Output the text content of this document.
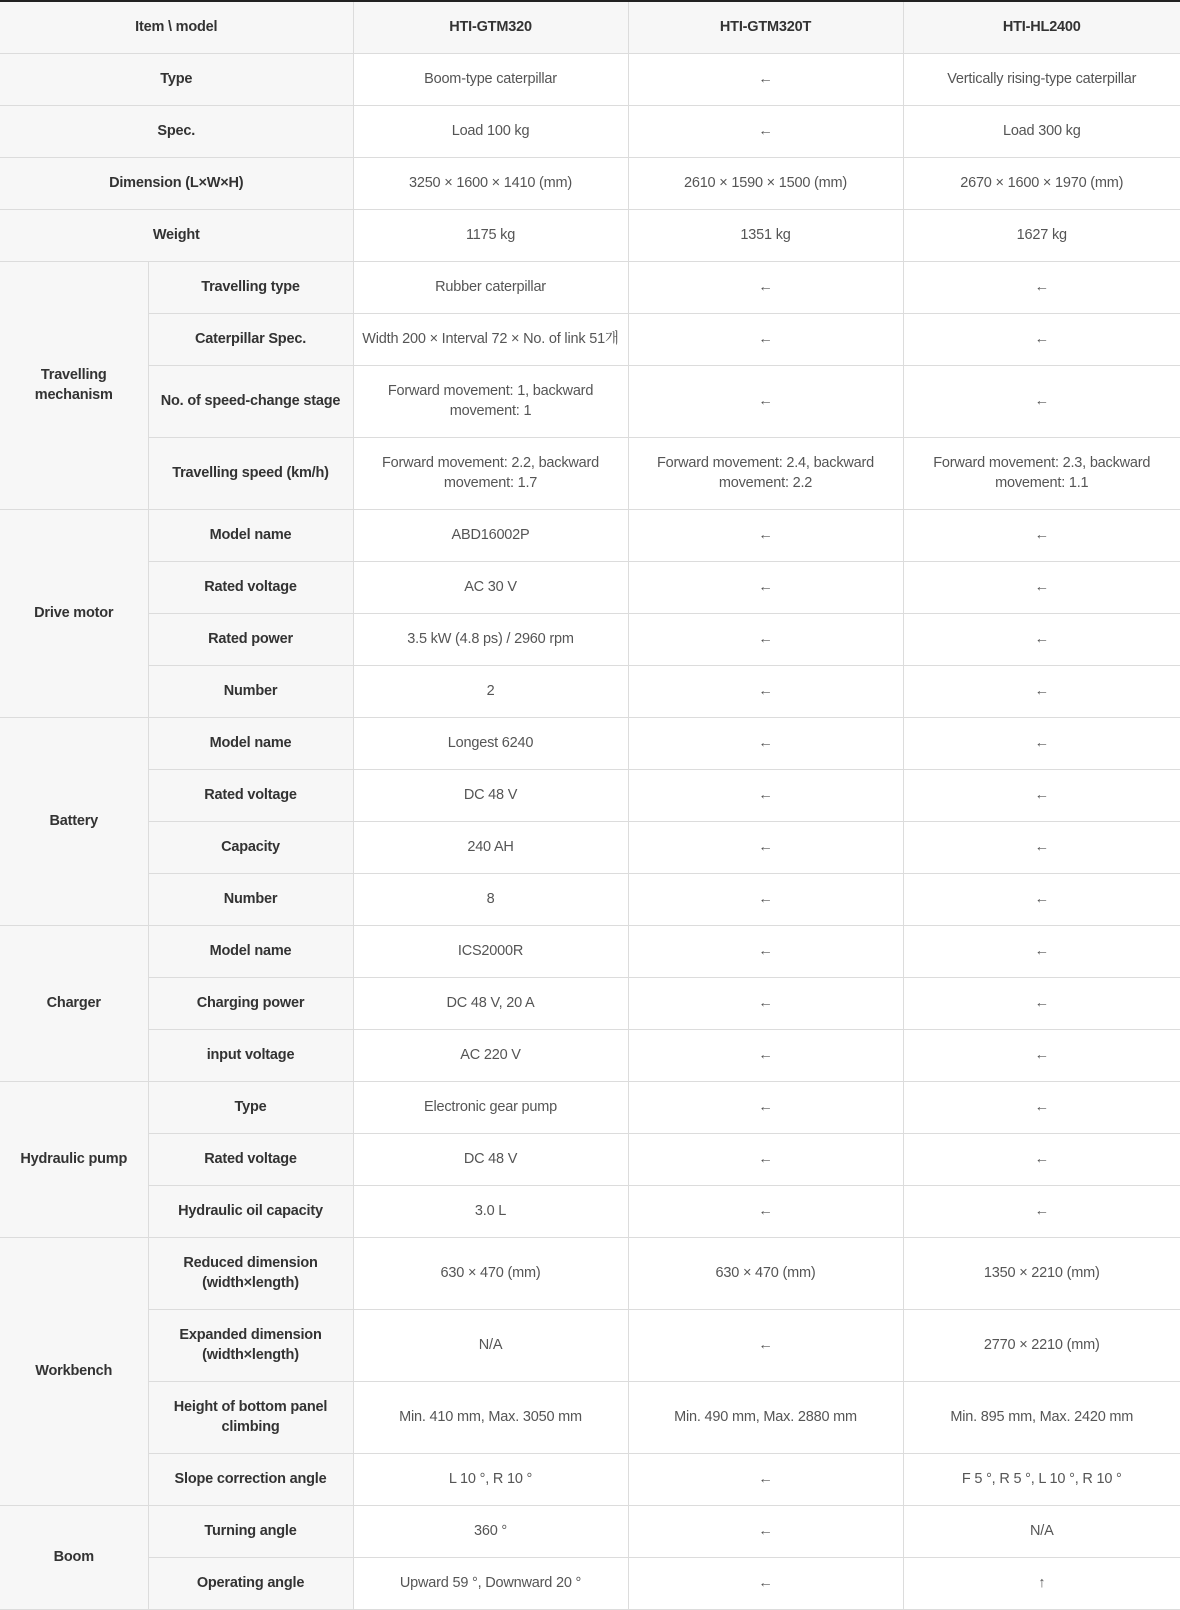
Item \ model		HTI-GTM320	HTI-GTM320T	HTI-HL2400
Type		Boom-type caterpillar	←	Vertically rising-type caterpillar
Spec.		Load 100 kg	←	Load 300 kg
Dimension (L×W×H)		3250 × 1600 × 1410 (mm)	2610 × 1590 × 1500 (mm)	2670 × 1600 × 1970 (mm)
Weight		1175 kg	1351 kg	1627 kg
Travelling mechanism	Travelling type	Rubber caterpillar	←	←
	Caterpillar Spec.	Width 200 × Interval 72 × No. of link 51개	←	←
	No. of speed-change stage	Forward movement: 1, backward movement: 1	←	←
	Travelling speed (km/h)	Forward movement: 2.2, backward movement: 1.7	Forward movement: 2.4, backward movement: 2.2	Forward movement: 2.3, backward movement: 1.1
Drive motor	Model name	ABD16002P	←	←
	Rated voltage	AC 30 V	←	←
	Rated power	3.5 kW (4.8 ps) / 2960 rpm	←	←
	Number	2	←	←
Battery	Model name	Longest 6240	←	←
	Rated voltage	DC 48 V	←	←
	Capacity	240 AH	←	←
	Number	8	←	←
Charger	Model name	ICS2000R	←	←
	Charging power	DC 48 V, 20 A	←	←
	input voltage	AC 220 V	←	←
Hydraulic pump	Type	Electronic gear pump	←	←
	Rated voltage	DC 48 V	←	←
	Hydraulic oil capacity	3.0 L	←	←
Workbench	Reduced dimension (width×length)	630 × 470 (mm)	630 × 470 (mm)	1350 × 2210 (mm)
	Expanded dimension (width×length)	N/A	←	2770 × 2210 (mm)
	Height of bottom panel climbing	Min. 410 mm, Max. 3050 mm	Min. 490 mm, Max. 2880 mm	Min. 895 mm, Max. 2420 mm
	Slope correction angle	L 10 °, R 10 °	←	F 5 °, R 5 °, L 10 °, R 10 °
Boom	Turning angle	360 °	←	N/A
	Operating angle	Upward 59 °, Downward 20 °	←	↑
